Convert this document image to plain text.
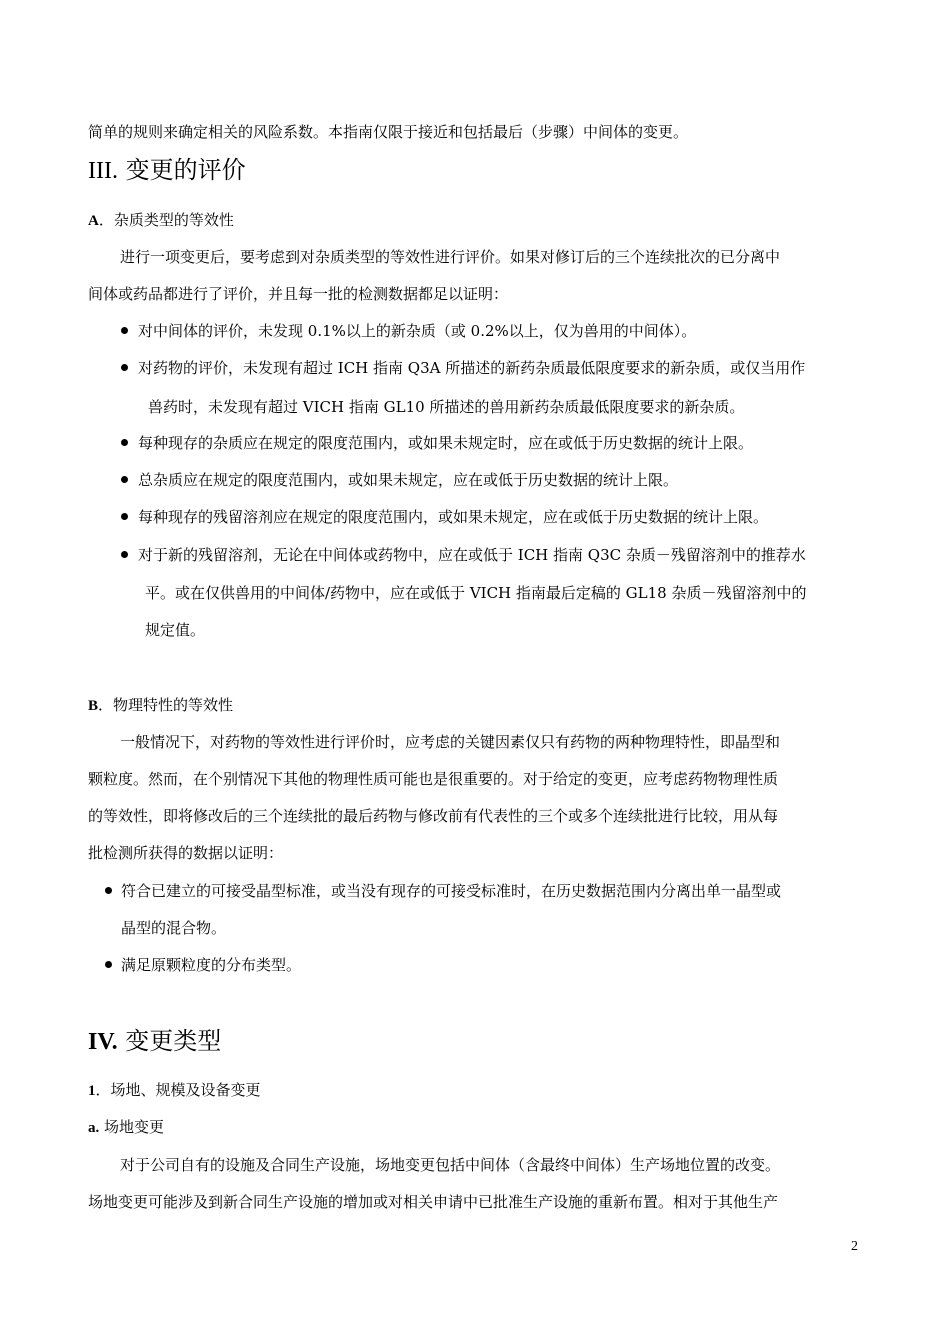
简单的规则来确定相关的风险系数。本指南仅限于接近和包括最后（步骤）中间体的变更。
III. 变更的评价
A．杂质类型的等效性
进行一项变更后，要考虑到对杂质类型的等效性进行评价。如果对修订后的三个连续批次的已分离中
间体或药品都进行了评价，并且每一批的检测数据都足以证明：
对中间体的评价，未发现 0.1%以上的新杂质（或 0.2%以上，仅为兽用的中间体）。
对药物的评价，未发现有超过 ICH 指南 Q3A 所描述的新药杂质最低限度要求的新杂质，或仅当用作
兽药时，未发现有超过 VICH 指南 GL10 所描述的兽用新药杂质最低限度要求的新杂质。
每种现存的杂质应在规定的限度范围内，或如果未规定时，应在或低于历史数据的统计上限。
总杂质应在规定的限度范围内，或如果未规定，应在或低于历史数据的统计上限。
每种现存的残留溶剂应在规定的限度范围内，或如果未规定，应在或低于历史数据的统计上限。
对于新的残留溶剂，无论在中间体或药物中，应在或低于 ICH 指南 Q3C 杂质－残留溶剂中的推荐水
平。或在仅供兽用的中间体/药物中，应在或低于 VICH 指南最后定稿的 GL18 杂质－残留溶剂中的
规定值。
B．物理特性的等效性
一般情况下，对药物的等效性进行评价时，应考虑的关键因素仅只有药物的两种物理特性，即晶型和
颗粒度。然而，在个别情况下其他的物理性质可能也是很重要的。对于给定的变更，应考虑药物物理性质
的等效性，即将修改后的三个连续批的最后药物与修改前有代表性的三个或多个连续批进行比较，用从每
批检测所获得的数据以证明：
符合已建立的可接受晶型标准，或当没有现存的可接受标准时，在历史数据范围内分离出单一晶型或
晶型的混合物。
满足原颗粒度的分布类型。
IV. 变更类型
1．场地、规模及设备变更
a. 场地变更
对于公司自有的设施及合同生产设施，场地变更包括中间体（含最终中间体）生产场地位置的改变。
场地变更可能涉及到新合同生产设施的增加或对相关申请中已批准生产设施的重新布置。相对于其他生产
2
